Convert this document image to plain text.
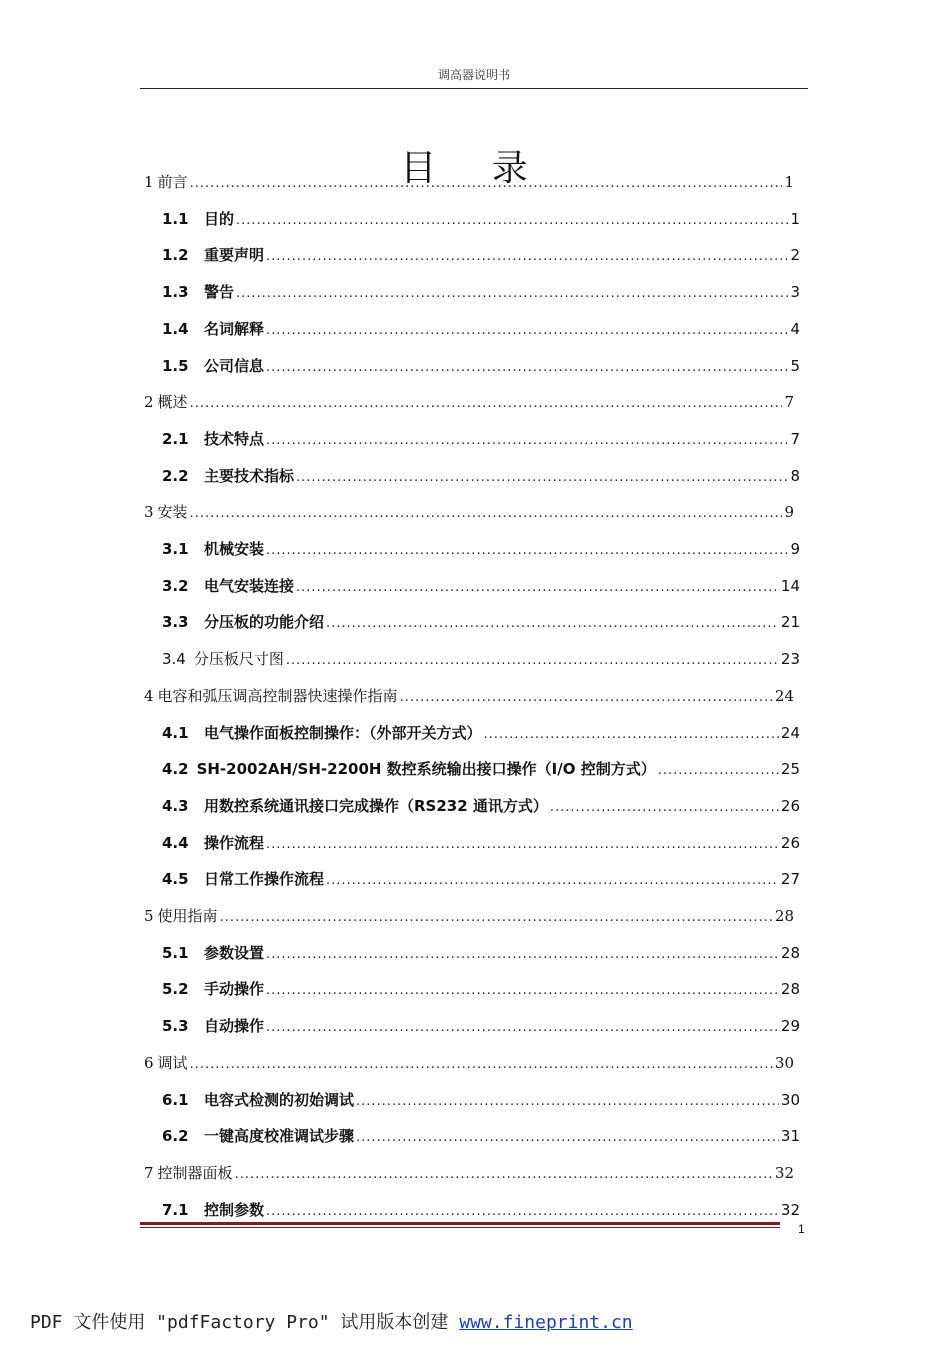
调高器说明书
目 录
1 前言 .....	1
1.1	目的 .....	1
1.2	重要声明 .....	2
1.3	警告 .....	3
1.4	名词解释 .....	4
1.5	公司信息 .....	5
2 概述 .....	7
2.1	技术特点 .....	7
2.2	主要技术指标 .....	8
3 安装 .....	9
3.1	机械安装 .....	9
3.2	电气安装连接 .....	14
3.3	分压板的功能介绍 .....	21
3.4 分压板尺寸图 .....	23
4 电容和弧压调高控制器快速操作指南 .....	24
4.1	电气操作面板控制操作：（外部开关方式） .....	24
4.2 SH-2002AH/SH-2200H 数控系统输出接口操作（I/O 控制方式） .....	25
4.3	用数控系统通讯接口完成操作（RS232 通讯方式） .....	26
4.4	操作流程 .....	26
4.5	日常工作操作流程 .....	27
5 使用指南 .....	28
5.1	参数设置 .....	28
5.2	手动操作 .....	28
5.3	自动操作 .....	29
6 调试 .....	30
6.1	电容式检测的初始调试 .....	30
6.2	一键高度校准调试步骤 .....	31
7 控制器面板 .....	32
7.1	控制参数 .....	32
1
PDF 文件使用 "pdfFactory Pro" 试用版本创建 www.fineprint.cn
